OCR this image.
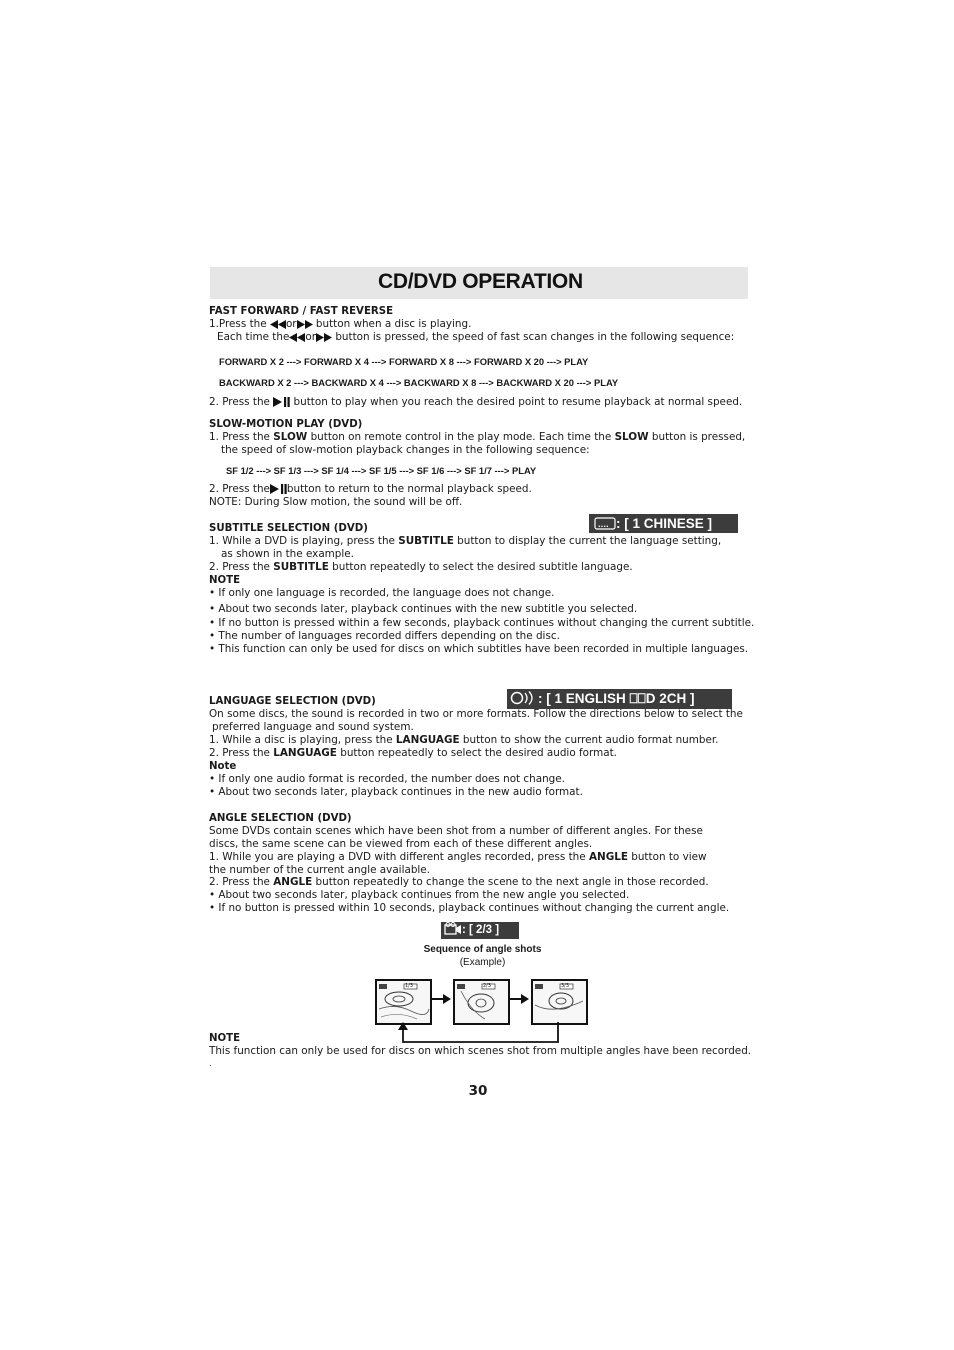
CD/DVD OPERATION
FAST FORWARD / FAST REVERSE
1.Press the or button when a disc is playing.
Each time the or button is pressed, the speed of fast scan changes in the following sequence:
FORWARD X 2 ---> FORWARD X 4 ---> FORWARD X 8 ---> FORWARD X 20 ---> PLAY
BACKWARD X 2 ---> BACKWARD X 4 ---> BACKWARD X 8 ---> BACKWARD X 20 ---> PLAY
2. Press the button to play when you reach the desired point to resume playback at normal speed.
SLOW-MOTION PLAY (DVD)
1. Press the SLOW button on remote control in the play mode. Each time the SLOW button is pressed,
the speed of slow-motion playback changes in the following sequence:
SF 1/2 ---> SF 1/3 ---> SF 1/4 ---> SF 1/5 ---> SF 1/6 ---> SF 1/7 ---> PLAY
2. Press the button to return to the normal playback speed.
NOTE: During Slow motion, the sound will be off.
.... : [ 1 CHINESE ]
SUBTITLE SELECTION (DVD)
1. While a DVD is playing, press the SUBTITLE button to display the current the language setting,
as shown in the example.
2. Press the SUBTITLE button repeatedly to select the desired subtitle language.
NOTE
• If only one language is recorded, the language does not change.
• About two seconds later, playback continues with the new subtitle you selected.
• If no button is pressed within a few seconds, playback continues without changing the current subtitle.
• The number of languages recorded differs depending on the disc.
• This function can only be used for discs on which subtitles have been recorded in multiple languages.
: [ 1 ENGLISH ⎕⎕D 2CH ]
LANGUAGE SELECTION (DVD)
On some discs, the sound is recorded in two or more formats. Follow the directions below to select the
preferred language and sound system.
1. While a disc is playing, press the LANGUAGE button to show the current audio format number.
2. Press the LANGUAGE button repeatedly to select the desired audio format.
Note
• If only one audio format is recorded, the number does not change.
• About two seconds later, playback continues in the new audio format.
ANGLE SELECTION (DVD)
Some DVDs contain scenes which have been shot from a number of different angles. For these
discs, the same scene can be viewed from each of these different angles.
1. While you are playing a DVD with different angles recorded, press the ANGLE button to view
the number of the current angle available.
2. Press the ANGLE button repeatedly to change the scene to the next angle in those recorded.
• About two seconds later, playback continues from the new angle you selected.
• If no button is pressed within 10 seconds, playback continues without changing the current angle.
: [ 2/3 ]
Sequence of angle shots
(Example)
1/3	2/3	3/3
NOTE
This function can only be used for discs on which scenes shot from multiple angles have been recorded.
.
30
